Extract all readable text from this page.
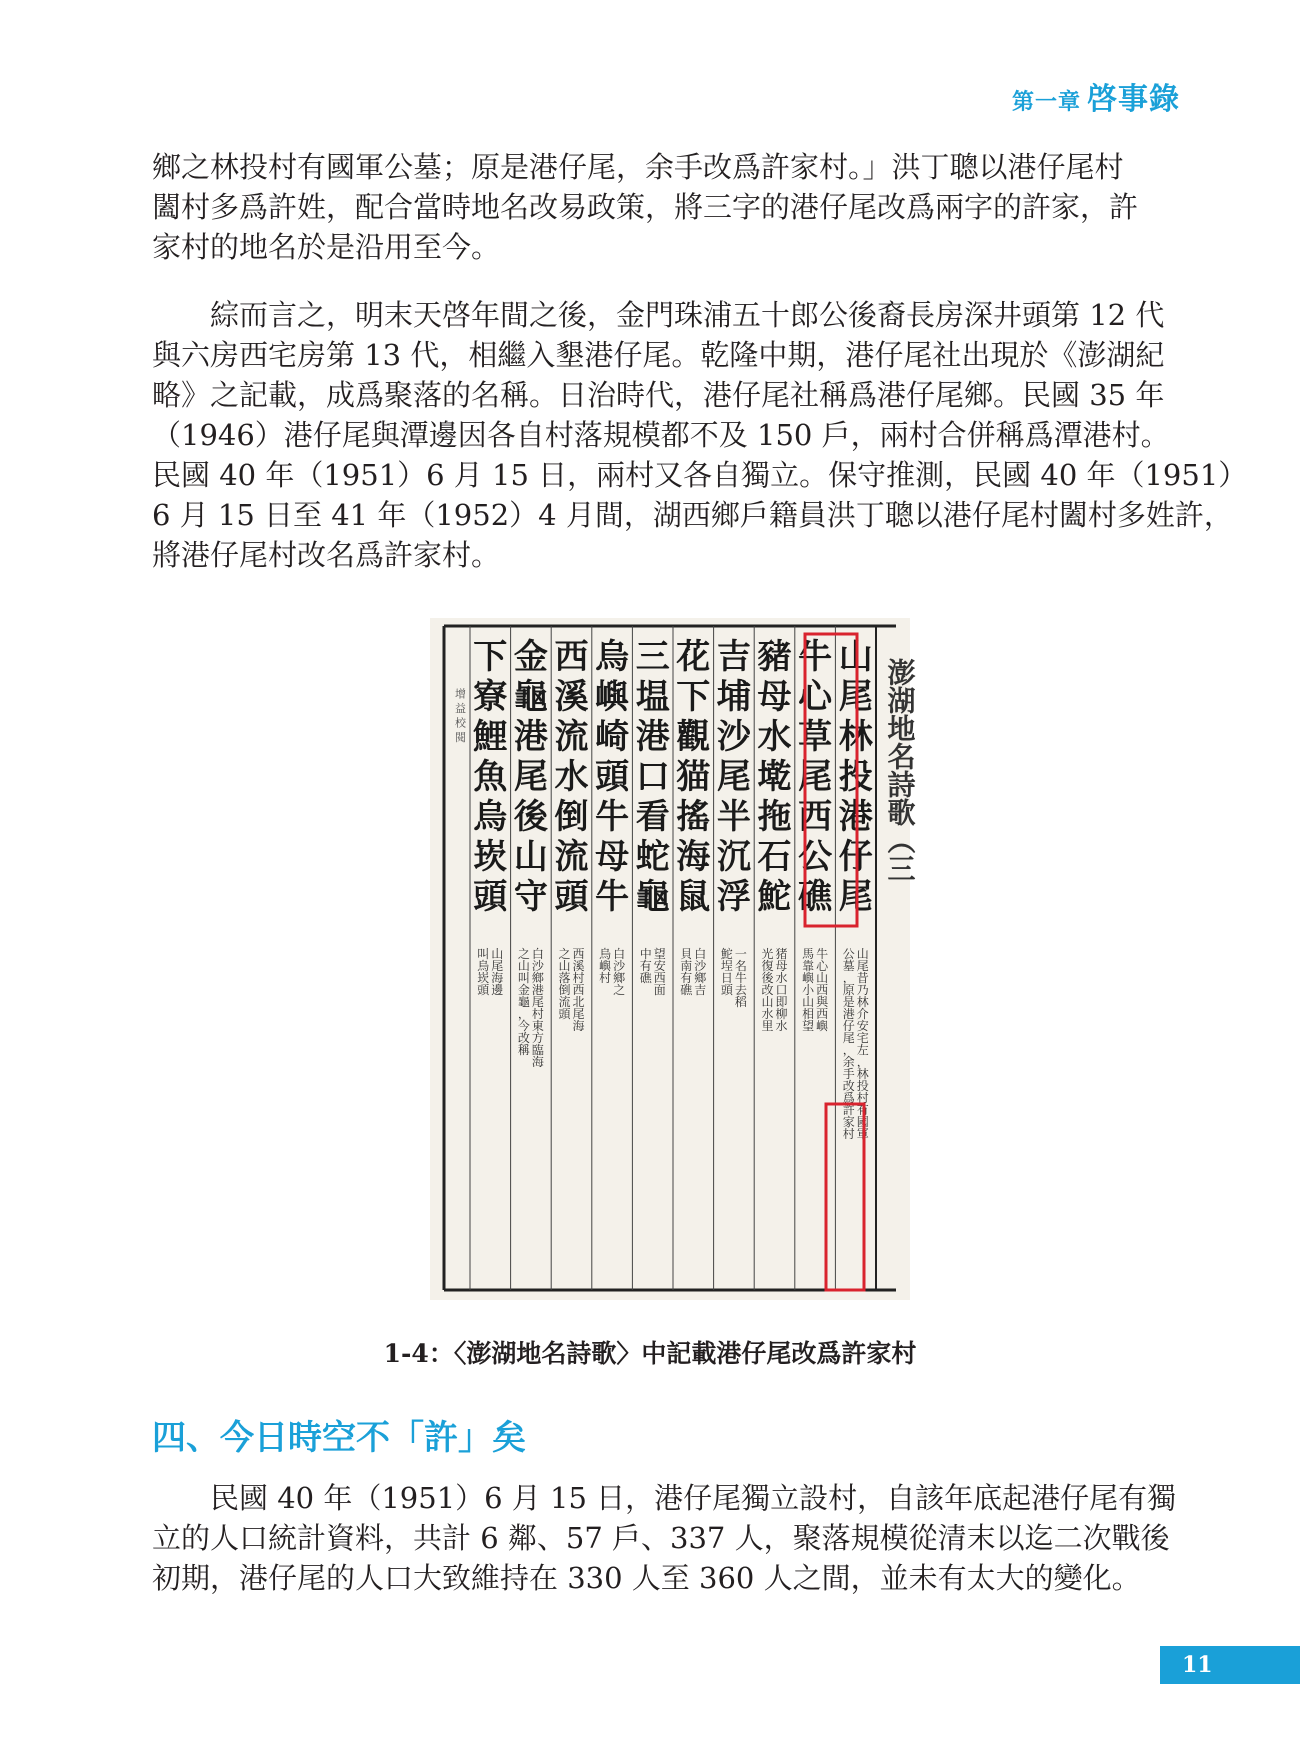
第一章 啓事錄

鄉之林投村有國軍公墓；原是港仔尾，余手改爲許家村。」洪丁聰以港仔尾村
闔村多爲許姓，配合當時地名改易政策，將三字的港仔尾改爲兩字的許家，許
家村的地名於是沿用至今。

　　綜而言之，明末天啓年間之後，金門珠浦五十郎公後裔長房深井頭第 12 代
與六房西宅房第 13 代，相繼入墾港仔尾。乾隆中期，港仔尾社出現於《澎湖紀
略》之記載，成爲聚落的名稱。日治時代，港仔尾社稱爲港仔尾鄉。民國 35 年
（1946）港仔尾與潭邊因各自村落規模都不及 150 戶，兩村合併稱爲潭港村。
民國 40 年（1951）6 月 15 日，兩村又各自獨立。保守推測，民國 40 年（1951）
6 月 15 日至 41 年（1952）4 月間，湖西鄉戶籍員洪丁聰以港仔尾村闔村多姓許，
將港仔尾村改名爲許家村。

山尾林投港仔尾
牛心草尾西公礁
豬母水墘拖石鮀
吉埔沙尾半沉浮
花下觀猫搖海鼠
三塭港口看蛇龜
烏嶼崎頭牛母牛
西溪流水倒流頭
金龜港尾後山守
下寮鯉魚烏崁頭
山尾昔乃林介安宅左，林投村有國軍公墓，原是港仔尾，余手改爲許家村
牛心山西與西嶼馬靠嶼小山相望
猪母水口即柳水光復後改山水里
一名牛去稻鮀埕日頭
白沙鄉吉貝南有礁
望安西面中有礁
白沙鄉之烏嶼村
西溪村西北尾海之山落倒流頭
白沙鄉港尾村東方臨海之山叫金龜，今改稱
山尾海邊叫烏崁頭
澎湖地名詩歌（三
增 益 校 閱
1-4：〈澎湖地名詩歌〉中記載港仔尾改爲許家村
四、今日時空不「許」矣

　　民國 40 年（1951）6 月 15 日，港仔尾獨立設村，自該年底起港仔尾有獨
立的人口統計資料，共計 6 鄰、57 戶、337 人，聚落規模從清末以迄二次戰後
初期，港仔尾的人口大致維持在 330 人至 360 人之間，並未有太大的變化。

11
